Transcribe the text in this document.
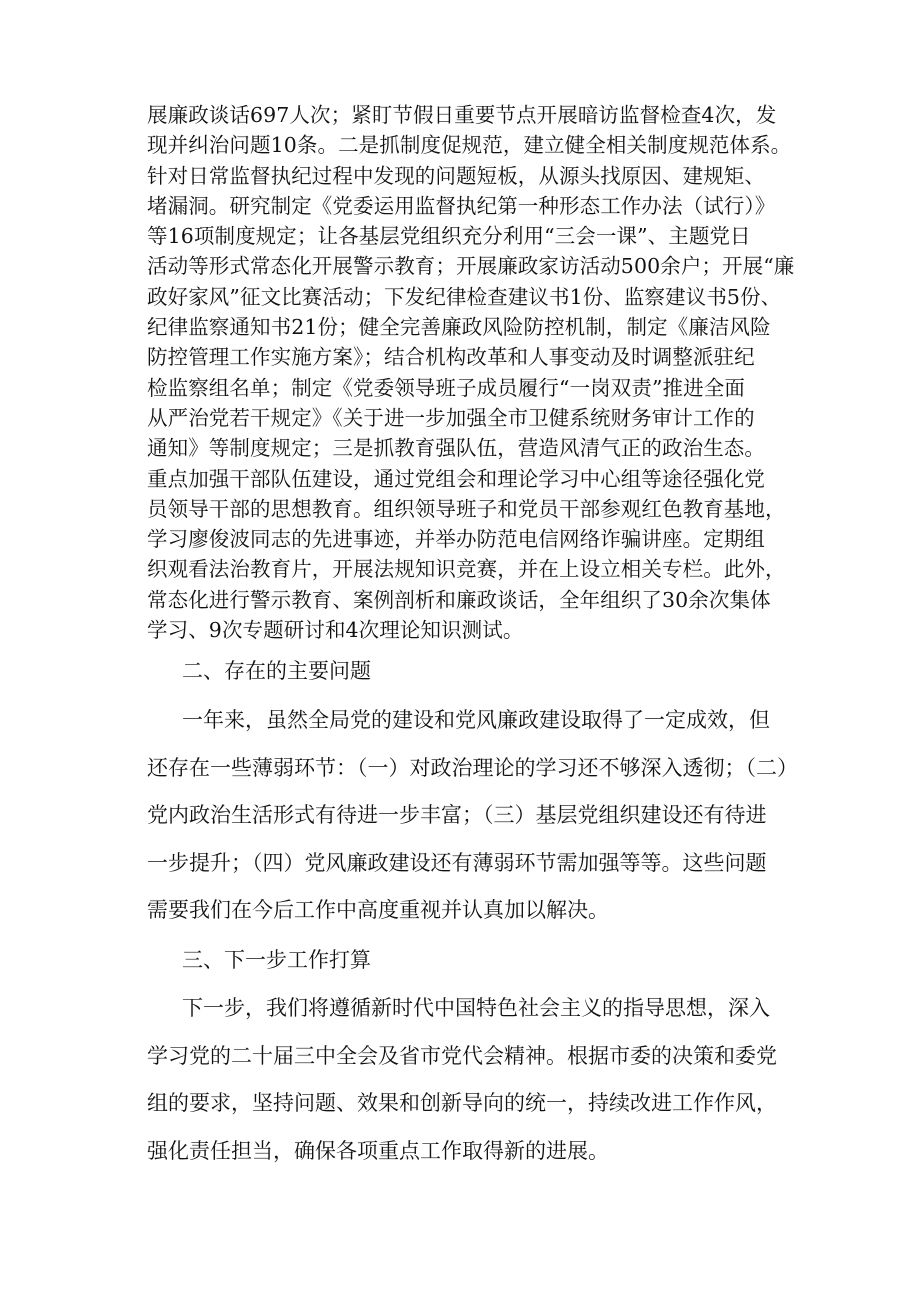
展廉政谈话697人次；紧盯节假日重要节点开展暗访监督检查4次，发
现并纠治问题10条。二是抓制度促规范，建立健全相关制度规范体系。
针对日常监督执纪过程中发现的问题短板，从源头找原因、建规矩、
堵漏洞。研究制定《党委运用监督执纪第一种形态工作办法（试行）》
等16项制度规定；让各基层党组织充分利用“三会一课”、主题党日
活动等形式常态化开展警示教育；开展廉政家访活动500余户；开展“廉
政好家风”征文比赛活动；下发纪律检查建议书1份、监察建议书5份、
纪律监察通知书21份；健全完善廉政风险防控机制，制定《廉洁风险
防控管理工作实施方案》；结合机构改革和人事变动及时调整派驻纪
检监察组名单；制定《党委领导班子成员履行“一岗双责”推进全面
从严治党若干规定》《关于进一步加强全市卫健系统财务审计工作的
通知》等制度规定；三是抓教育强队伍，营造风清气正的政治生态。
重点加强干部队伍建设，通过党组会和理论学习中心组等途径强化党
员领导干部的思想教育。组织领导班子和党员干部参观红色教育基地，
学习廖俊波同志的先进事迹，并举办防范电信网络诈骗讲座。定期组
织观看法治教育片，开展法规知识竞赛，并在上设立相关专栏。此外，
常态化进行警示教育、案例剖析和廉政谈话，全年组织了30余次集体
学习、9次专题研讨和4次理论知识测试。
二、存在的主要问题
一年来，虽然全局党的建设和党风廉政建设取得了一定成效，但
还存在一些薄弱环节：（一）对政治理论的学习还不够深入透彻；（二）
党内政治生活形式有待进一步丰富；（三）基层党组织建设还有待进
一步提升；（四）党风廉政建设还有薄弱环节需加强等等。这些问题
需要我们在今后工作中高度重视并认真加以解决。
三、下一步工作打算
下一步，我们将遵循新时代中国特色社会主义的指导思想，深入
学习党的二十届三中全会及省市党代会精神。根据市委的决策和委党
组的要求，坚持问题、效果和创新导向的统一，持续改进工作作风，
强化责任担当，确保各项重点工作取得新的进展。
